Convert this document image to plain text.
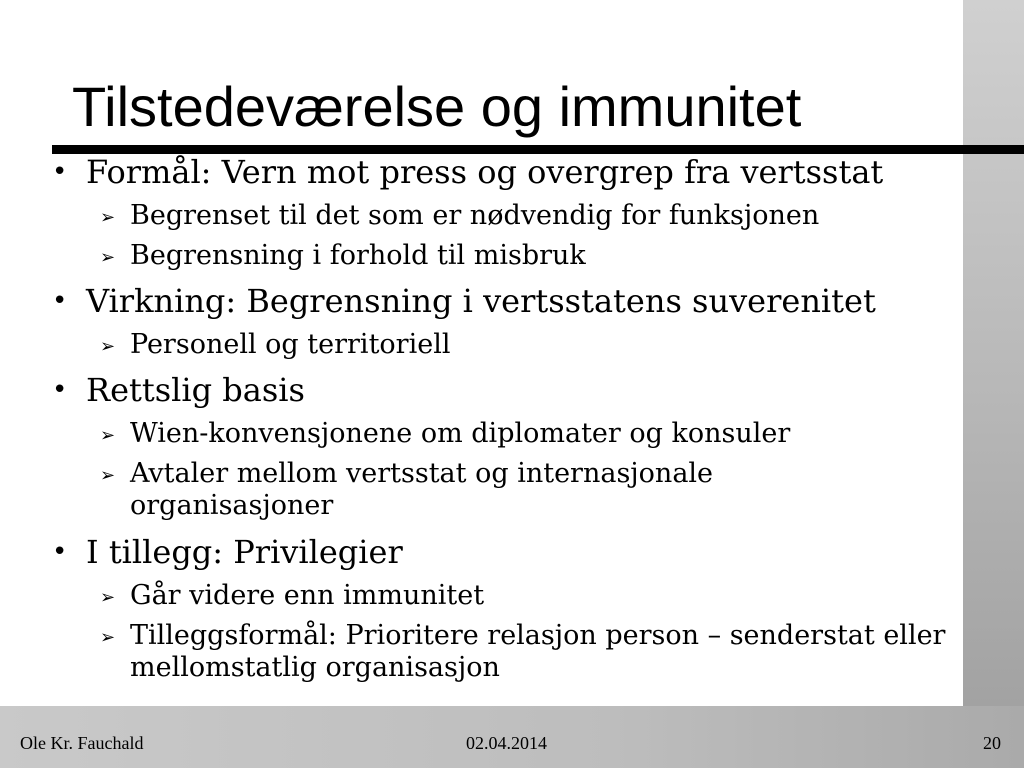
Tilstedeværelse og immunitet
• Formål: Vern mot press og overgrep fra vertsstat
➢ Begrenset til det som er nødvendig for funksjonen
➢ Begrensning i forhold til misbruk
• Virkning: Begrensning i vertsstatens suverenitet
➢ Personell og territoriell
• Rettslig basis
➢ Wien-konvensjonene om diplomater og konsuler
➢ Avtaler mellom vertsstat og internasjonale organisasjoner
• I tillegg: Privilegier
➢ Går videre enn immunitet
➢ Tilleggsformål: Prioritere relasjon person – senderstat eller mellomstatlig organisasjon
Ole Kr. Fauchald	02.04.2014	20
